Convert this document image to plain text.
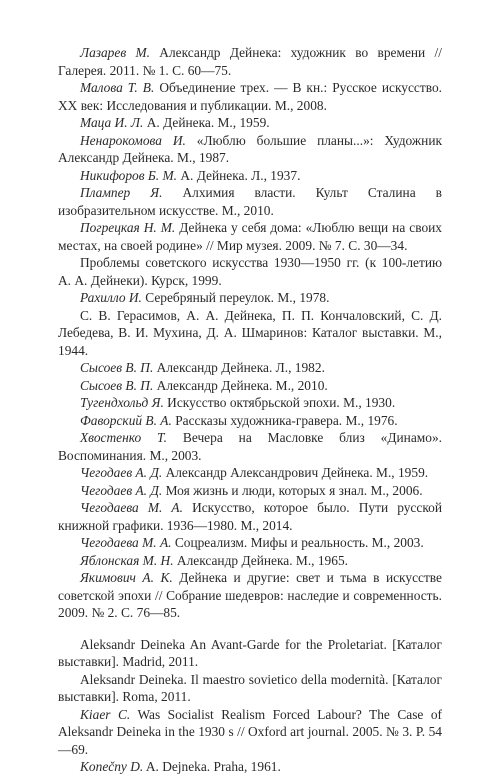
Лазарев М. Александр Дейнека: художник во времени // Галерея. 2011. № 1. С. 60—75.

Малова Т. В. Объединение трех. — В кн.: Русское искусство. XX век: Исследования и публикации. М., 2008.

Маца И. Л. А. Дейнека. М., 1959.

Ненарокомова И. «Люблю большие планы...»: Художник Александр Дейнека. М., 1987.

Никифоров Б. М. А. Дейнека. Л., 1937.

Плампер Я. Алхимия власти. Культ Сталина в изобразительном искусстве. М., 2010.

Погрецкая Н. М. Дейнека у себя дома: «Люблю вещи на своих местах, на своей родине» // Мир музея. 2009. № 7. С. 30—34.

Проблемы советского искусства 1930—1950 гг. (к 100-летию А. А. Дейнеки). Курск, 1999.

Рахилло И. Серебряный переулок. М., 1978.

С. В. Герасимов, А. А. Дейнека, П. П. Кончаловский, С. Д. Лебедева, В. И. Мухина, Д. А. Шмаринов: Каталог выставки. М., 1944.

Сысоев В. П. Александр Дейнека. Л., 1982.

Сысоев В. П. Александр Дейнека. М., 2010.

Тугендхольд Я. Искусство октябрьской эпохи. М., 1930.

Фаворский В. А. Рассказы художника-гравера. М., 1976.

Хвостенко Т. Вечера на Масловке близ «Динамо». Воспоминания. М., 2003.

Чегодаев А. Д. Александр Александрович Дейнека. М., 1959.

Чегодаев А. Д. Моя жизнь и люди, которых я знал. М., 2006.

Чегодаева М. А. Искусство, которое было. Пути русской книжной графики. 1936—1980. М., 2014.

Чегодаева М. А. Соцреализм. Мифы и реальность. М., 2003.

Яблонская М. Н. Александр Дейнека. М., 1965.

Якимович А. К. Дейнека и другие: свет и тьма в искусстве советской эпохи // Собрание шедевров: наследие и современность. 2009. № 2. С. 76—85.

Aleksandr Deineka An Avant-Garde for the Proletariat. [Каталог выставки]. Madrid, 2011.

Aleksandr Deineka. Il maestro sovietico della modernità. [Каталог выставки]. Roma, 2011.

Kiaer C. Was Socialist Realism Forced Labour? The Case of Aleksandr Deineka in the 1930 s // Oxford art journal. 2005. № 3. P. 54—69.

Konečny D. A. Dejneka. Praha, 1961.
